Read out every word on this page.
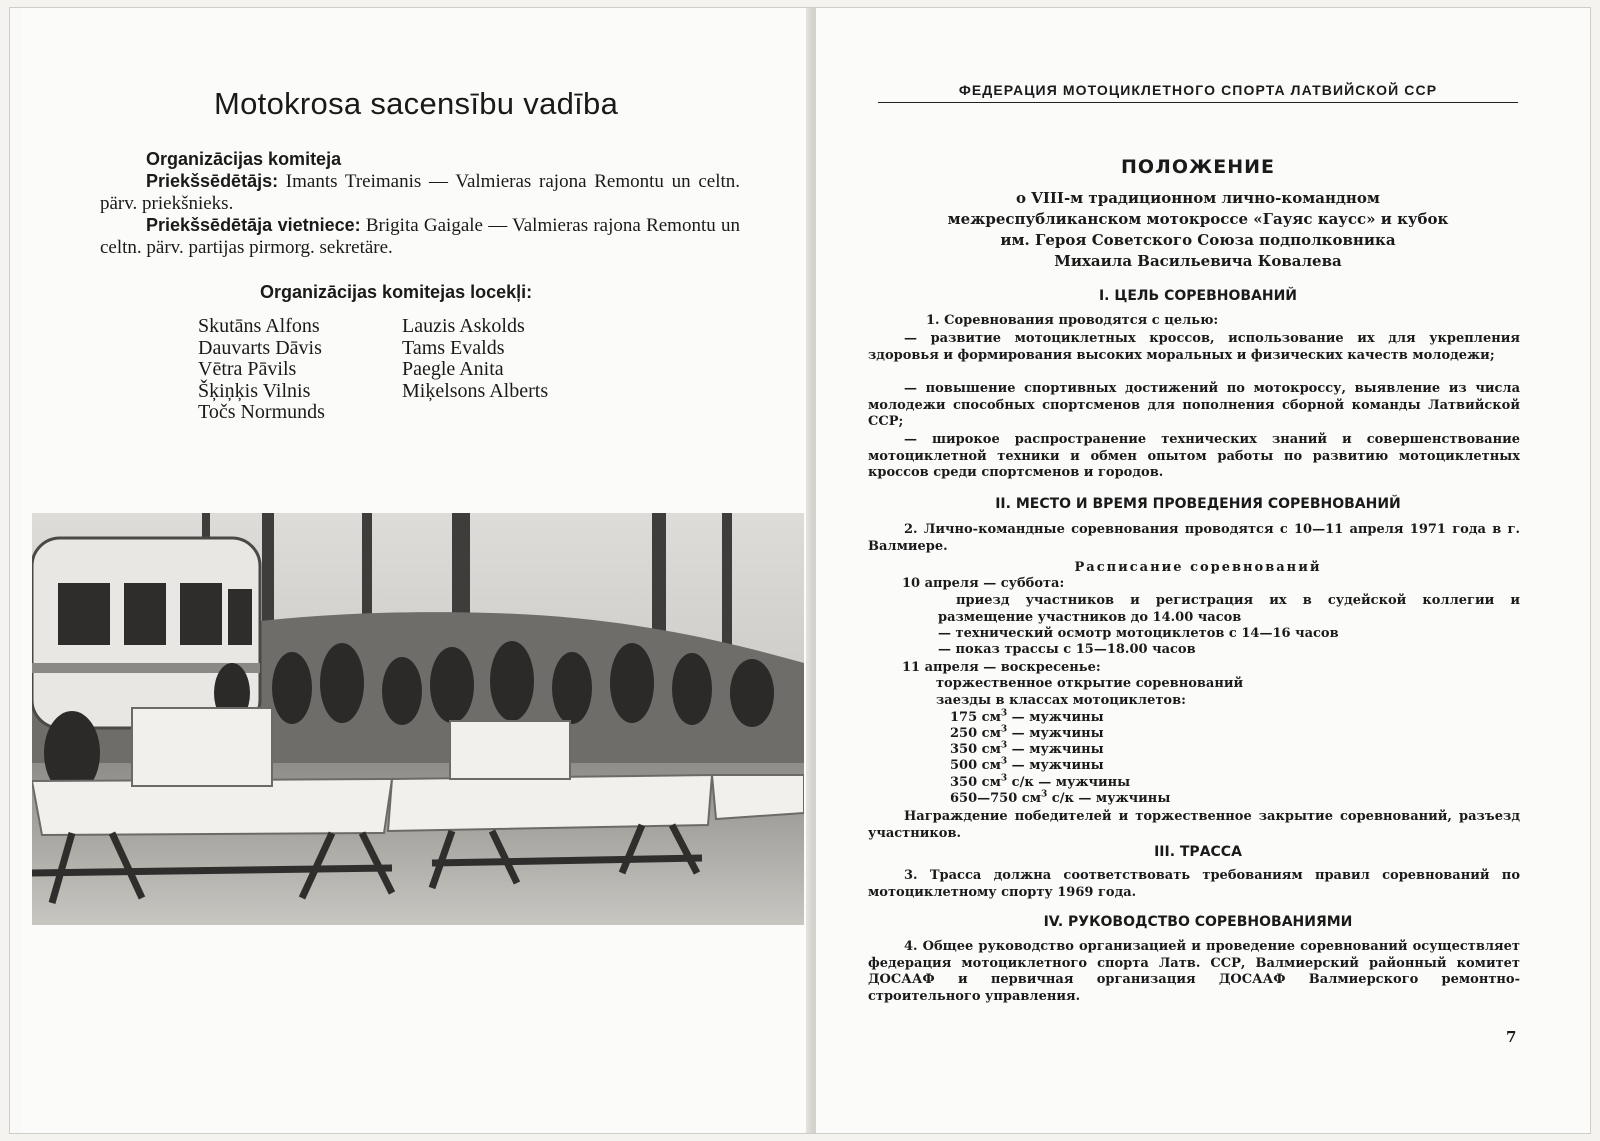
Motokrosa sacensību vadība
Organizācijas komiteja
Priekšsēdētājs: Imants Treimanis — Valmieras rajona Remontu un celtn. pärv. priekšnieks.
Priekšsēdētāja vietniece: Brigita Gaigale — Valmieras rajona Remontu un celtn. pärv. partijas pirmorg. sekretäre.
Organizācijas komitejas locekļi:
Skutāns Alfons
Dauvarts Dāvis
Vētra Pāvils
Šķiņķis Vilnis
Točs Normunds
Lauzis Askolds
Tams Evalds
Paegle Anita
Miķelsons Alberts
ФЕДЕРАЦИЯ МОТОЦИКЛЕТНОГО СПОРТА ЛАТВИЙСКОЙ ССР
ПОЛОЖЕНИЕ
о VIII-м традиционном лично-командном
межреспубликанском мотокроссе «Гауяс каусс» и кубок
им. Героя Советского Союза подполковника
Михаила Васильевича Ковалева
I. ЦЕЛЬ СОРЕВНОВАНИЙ
1. Соревнования проводятся с целью:
— развитие мотоциклетных кроссов, использование их для укрепления здоровья и формирования высоких моральных и физических качеств молодежи;
— повышение спортивных достижений по мотокроссу, выявление из числа молодежи способных спортсменов для пополнения сборной команды Латвийской ССР;
— широкое распространение технических знаний и совершенствование мотоциклетной техники и обмен опытом работы по развитию мотоциклетных кроссов среди спортсменов и городов.
II. МЕСТО И ВРЕМЯ ПРОВЕДЕНИЯ СОРЕВНОВАНИЙ
2. Лично-командные соревнования проводятся с 10—11 апреля 1971 года в г. Валмиере.
Расписание соревнований
10 апреля — суббота:
приезд участников и регистрация их в судейской коллегии и размещение участников до 14.00 часов
— технический осмотр мотоциклетов с 14—16 часов
— показ трассы с 15—18.00 часов
11 апреля — воскресенье:
торжественное открытие соревнований
заезды в классах мотоциклетов:
175 $см^3$ — мужчины
250 $см^3$ — мужчины
350 $см^3$ — мужчины
500 $см^3$ — мужчины
350 $см^3$ с/к — мужчины
650—750 $см^3$ с/к — мужчины
Награждение победителей и торжественное закрытие соревнований, разъезд участников.
III. ТРАССА
3. Трасса должна соответствовать требованиям правил соревнований по мотоциклетному спорту 1969 года.
IV. РУКОВОДСТВО СОРЕВНОВАНИЯМИ
4. Общее руководство организацией и проведение соревнований осуществляет федерация мотоциклетного спорта Латв. ССР, Валмиерский районный комитет ДОСААФ и первичная организация ДОСААФ Валмиерского ремонтно-строительного управления.
7
